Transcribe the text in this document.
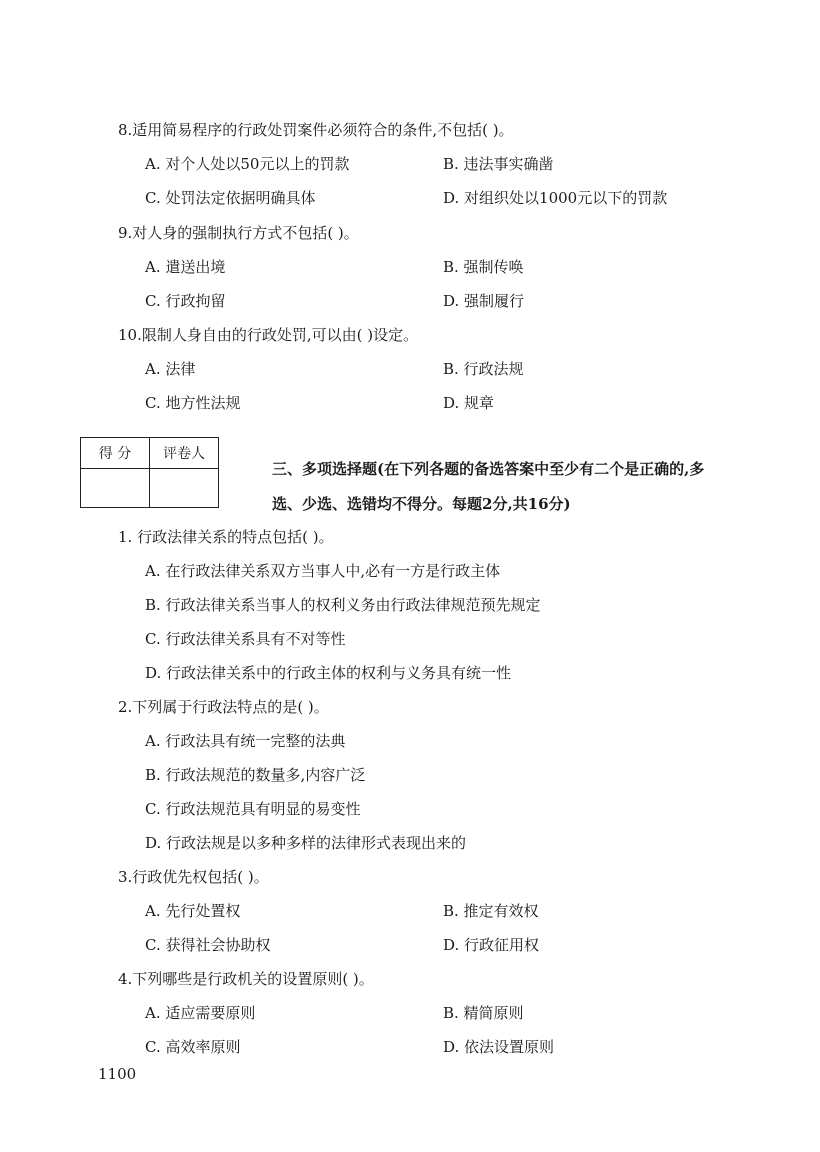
8.适用简易程序的行政处罚案件必须符合的条件,不包括( )。
A. 对个人处以50元以上的罚款	B. 违法事实确凿
C. 处罚法定依据明确具体	D. 对组织处以1000元以下的罚款
9.对人身的强制执行方式不包括( )。
A. 遣送出境	B. 强制传唤
C. 行政拘留	D. 强制履行
10.限制人身自由的行政处罚,可以由( )设定。
A. 法律	B. 行政法规
C. 地方性法规	D. 规章
得 分	评卷人

三、多项选择题(在下列各题的备选答案中至少有二个是正确的,多
选、少选、选错均不得分。每题2分,共16分)
1. 行政法律关系的特点包括( )。
A. 在行政法律关系双方当事人中,必有一方是行政主体
B. 行政法律关系当事人的权利义务由行政法律规范预先规定
C. 行政法律关系具有不对等性
D. 行政法律关系中的行政主体的权利与义务具有统一性
2.下列属于行政法特点的是( )。
A. 行政法具有统一完整的法典
B. 行政法规范的数量多,内容广泛
C. 行政法规范具有明显的易变性
D. 行政法规是以多种多样的法律形式表现出来的
3.行政优先权包括( )。
A. 先行处置权	B. 推定有效权
C. 获得社会协助权	D. 行政征用权
4.下列哪些是行政机关的设置原则( )。
A. 适应需要原则	B. 精简原则
C. 高效率原则	D. 依法设置原则
1100
